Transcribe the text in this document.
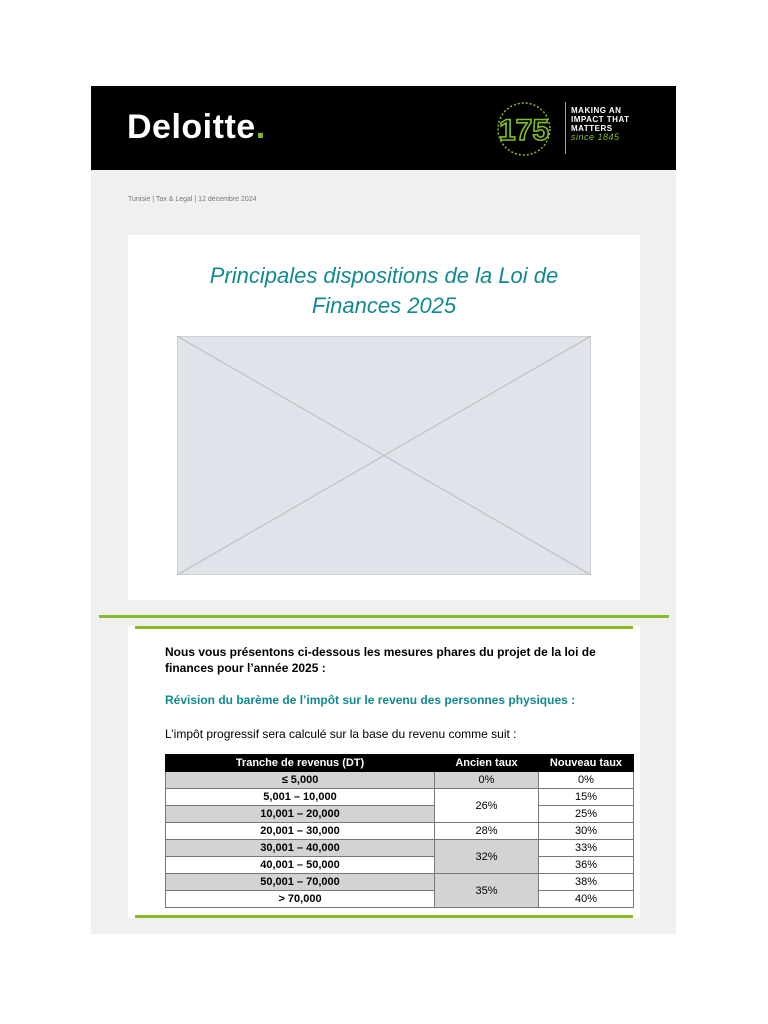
Deloitte.	175
MAKING AN
IMPACT THAT
MATTERS
since 1845
Tunisie | Tax & Legal | 12 décembre 2024
Principales dispositions de la Loi de
Finances 2025
Nous vous présentons ci-dessous les mesures phares du projet de la loi de finances pour l’année 2025 :
Révision du barème de l’impôt sur le revenu des personnes physiques :
L’impôt progressif sera calculé sur la base du revenu comme suit :
Tranche de revenus (DT)	Ancien taux	Nouveau taux
≤ 5,000	0%	0%
5,001 – 10,000	26%	15%
10,001 – 20,000		25%
20,001 – 30,000	28%	30%
30,001 – 40,000	32%	33%
40,001 – 50,000		36%
50,001 – 70,000	35%	38%
> 70,000		40%
